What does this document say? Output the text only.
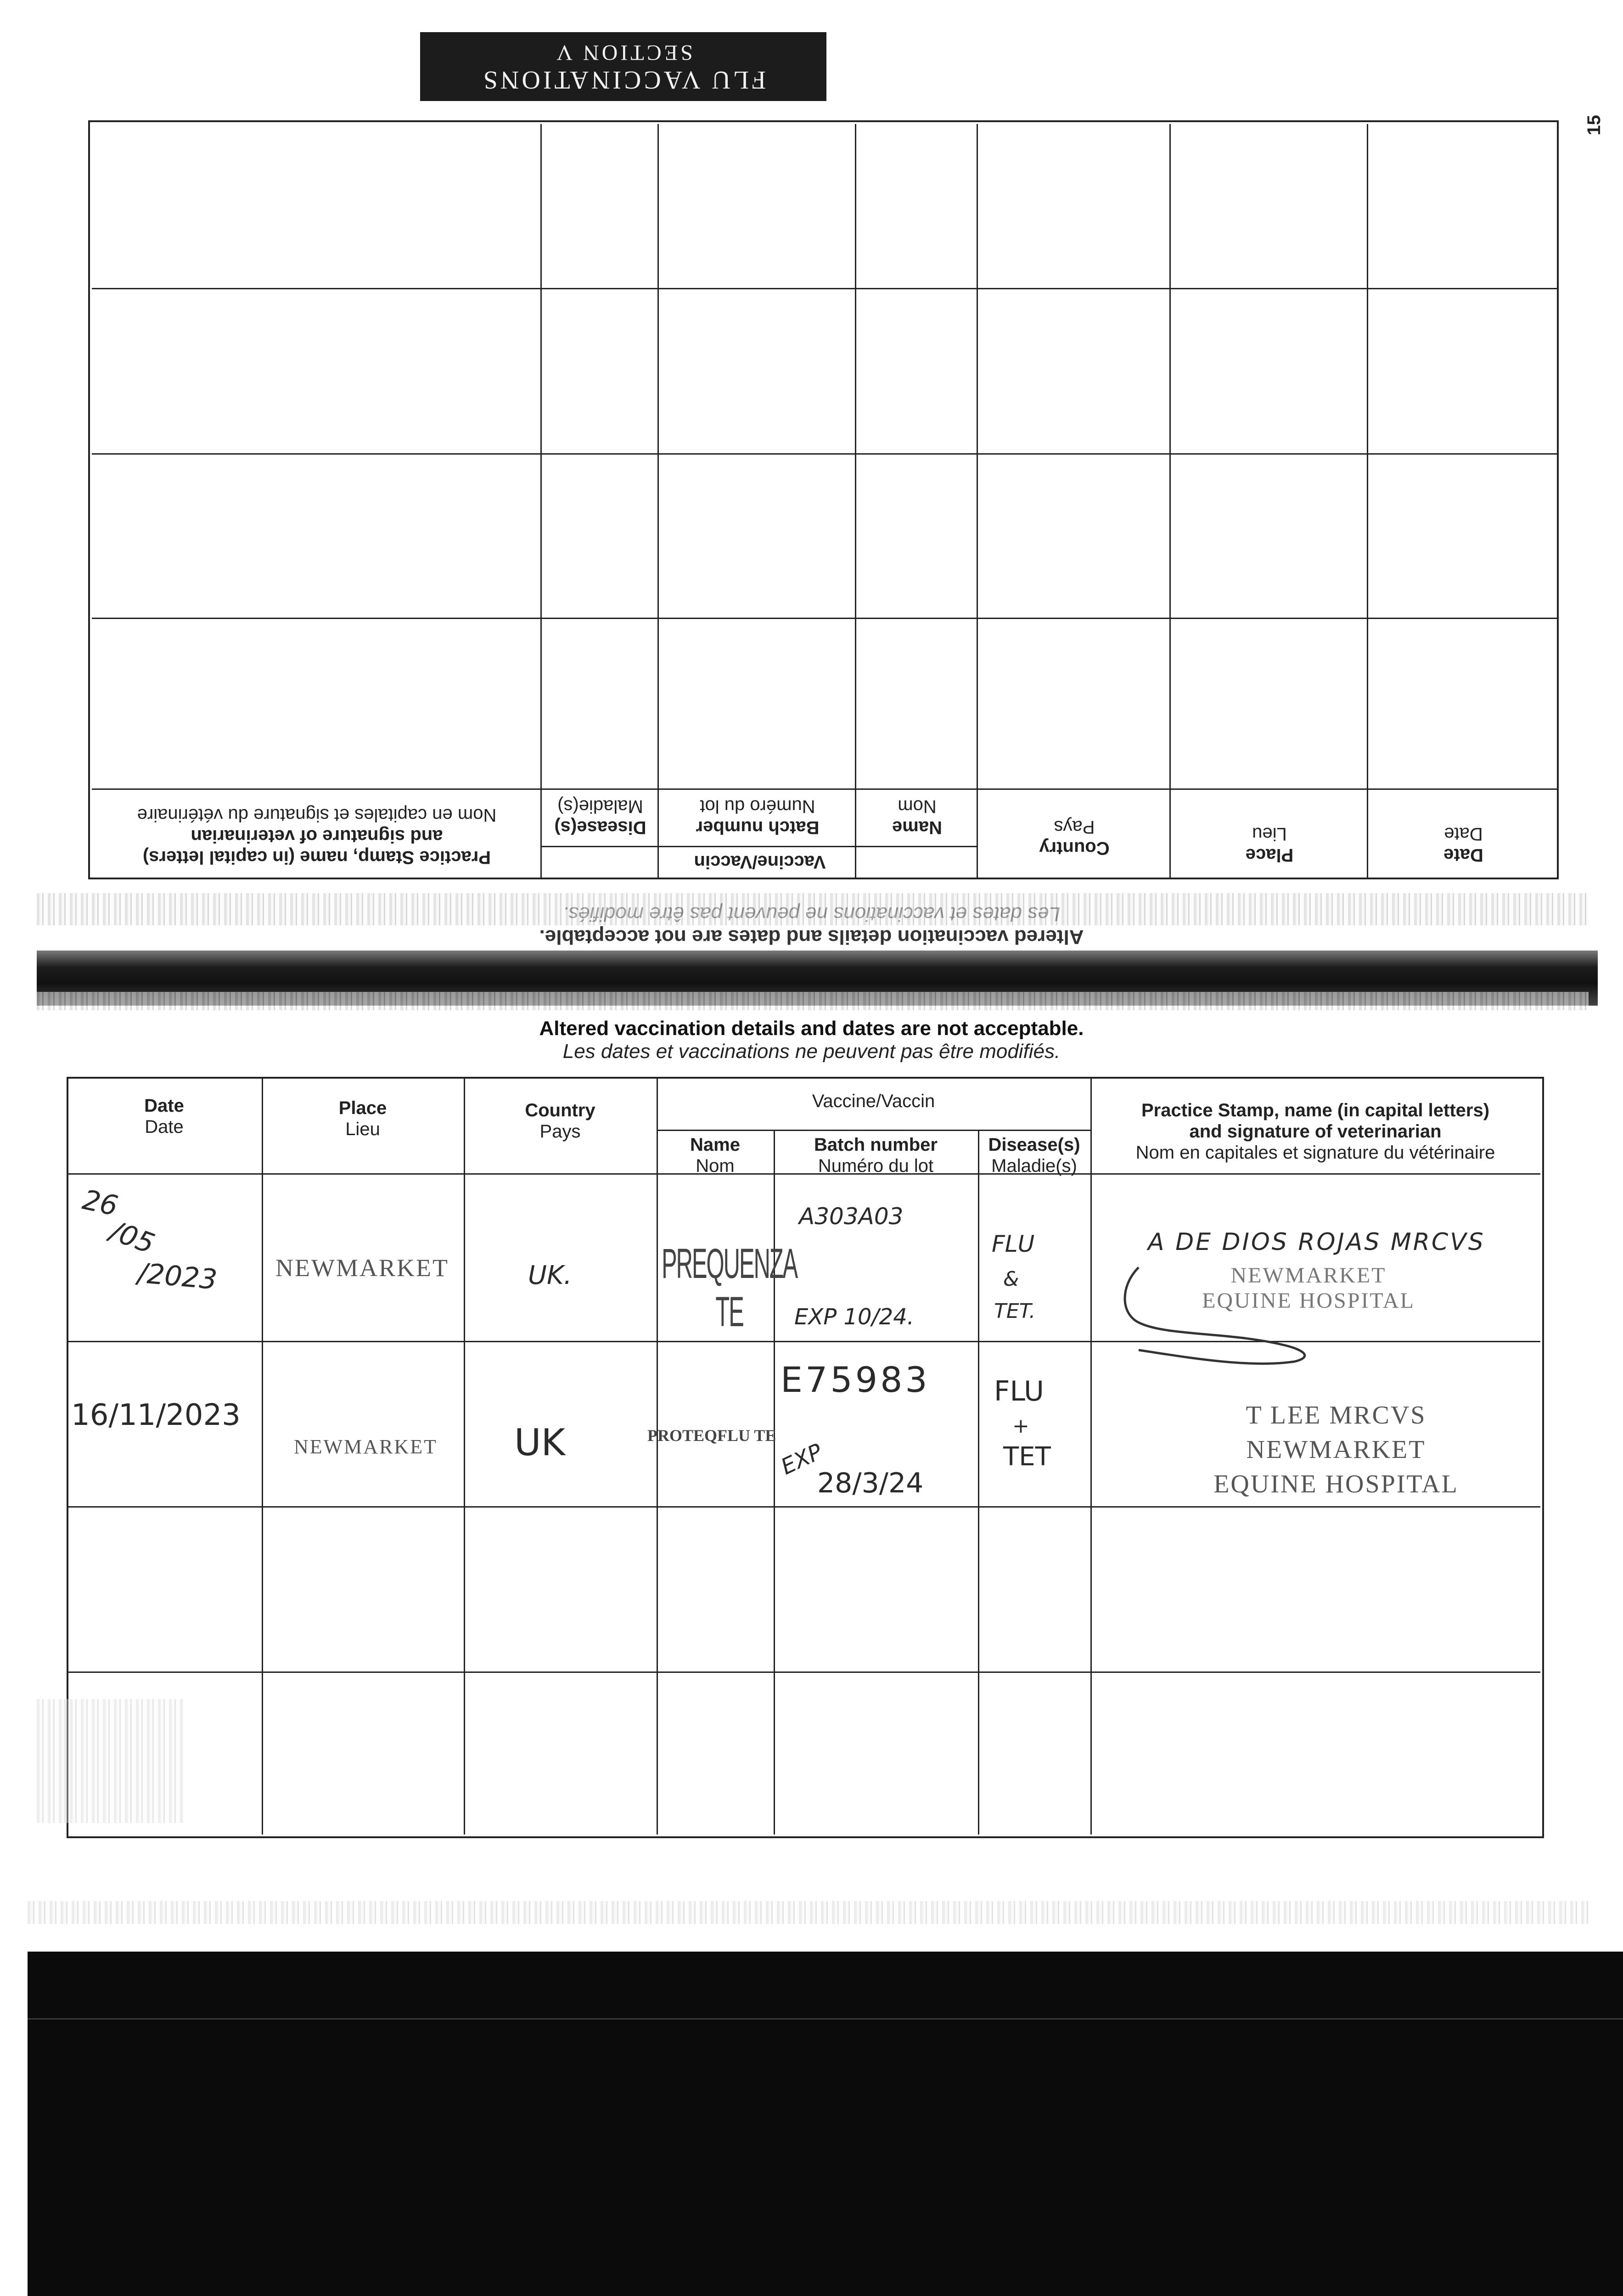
15
FLU VACCINATIONS
SECTION V
Date
Date
Place
Lieu
Country
Pays
Vaccine/Vaccin
Name
Nom
Batch number
Numéro du lot
Disease(s)
Maladie(s)
Practice Stamp, name (in capital letters)
and signature of veterinarian
Nom en capitales et signature du vétérinaire
Altered vaccination details and dates are not acceptable.
Altered vaccination details and dates are not acceptable.
Les dates et vaccinations ne peuvent pas être modifiés.
Date
Date
Place
Lieu
Country
Pays
Vaccine/Vaccin
Name
Nom
Batch number
Numéro du lot
Disease(s)
Maladie(s)
Practice Stamp, name (in capital letters)
and signature of veterinarian
Nom en capitales et signature du vétérinaire
26
/05
/2023 NEWMARKET	UK. PREQUENZA TE
A303A03
EXP 10/24.
FLU
&
TET.
A DE DIOS ROJAS MRCVS
NEWMARKET
EQUINE HOSPITAL
16/11/2023
NEWMARKET UK	PROTEQFLU TE
E75983
EXP
28/3/24
FLU
+
TET
T LEE MRCVS
NEWMARKET
EQUINE HOSPITAL
